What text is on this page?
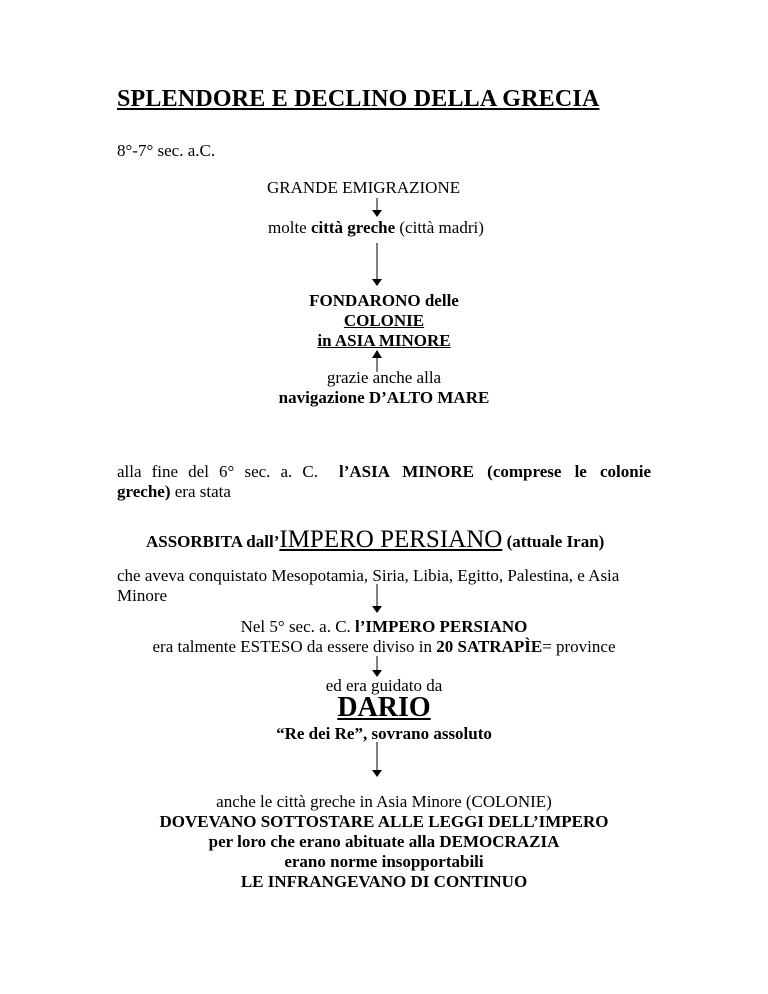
SPLENDORE E DECLINO DELLA GRECIA
8°-7° sec. a.C.
GRANDE EMIGRAZIONE
molte città greche (città madri)
FONDARONO delle
COLONIE
in ASIA MINORE
grazie anche alla
navigazione D’ALTO MARE
alla fine del 6° sec. a. C.
greche) era stata
l’ASIA MINORE (comprese le colonie
ASSORBITA dall’IMPERO PERSIANO (attuale Iran)
che aveva conquistato Mesopotamia, Siria, Libia, Egitto, Palestina, e Asia
Minore
Nel 5° sec. a. C. l’IMPERO PERSIANO
era talmente ESTESO da essere diviso in 20 SATRAPÌE= province
ed era guidato da
DARIO
“Re dei Re”, sovrano assoluto
anche le città greche in Asia Minore (COLONIE)
DOVEVANO SOTTOSTARE ALLE LEGGI DELL’IMPERO
per loro che erano abituate alla DEMOCRAZIA
erano norme insopportabili
LE INFRANGEVANO DI CONTINUO
